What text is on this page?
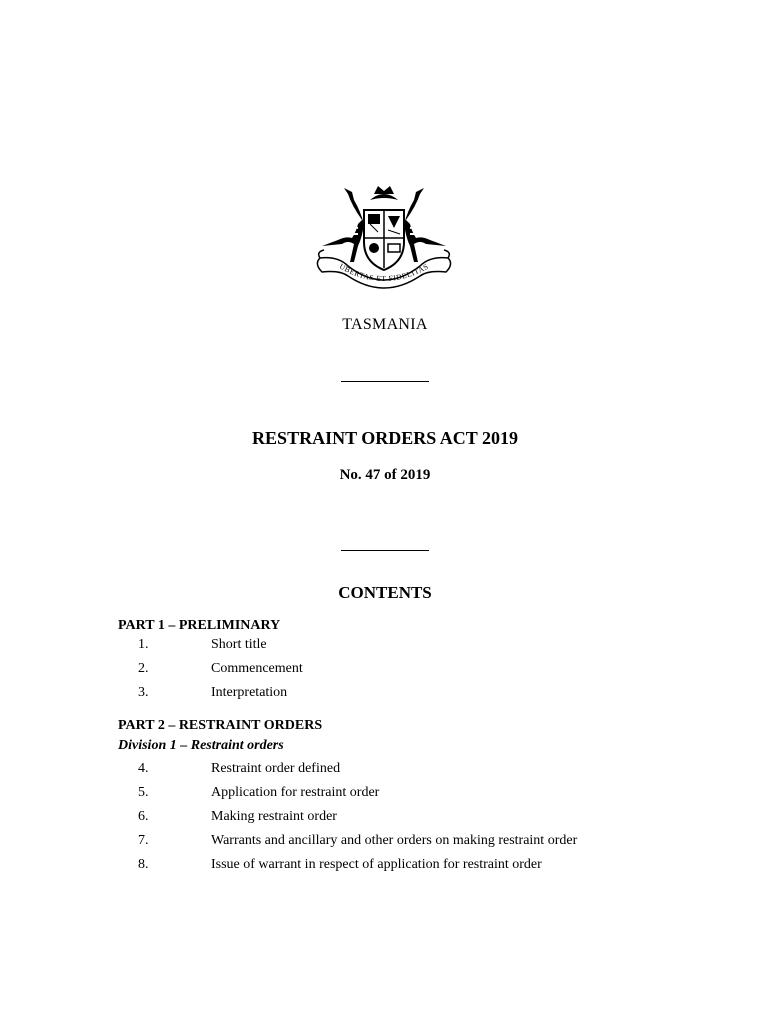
UBERTAS ET FIDELITAS
TASMANIA
RESTRAINT ORDERS ACT 2019
No. 47 of 2019
CONTENTS
PART 1 – PRELIMINARY
1.	Short title
2.	Commencement
3.	Interpretation
PART 2 – RESTRAINT ORDERS
Division 1 – Restraint orders
4.	Restraint order defined
5.	Application for restraint order
6.	Making restraint order
7.	Warrants and ancillary and other orders on making restraint order
8.	Issue of warrant in respect of application for restraint order
